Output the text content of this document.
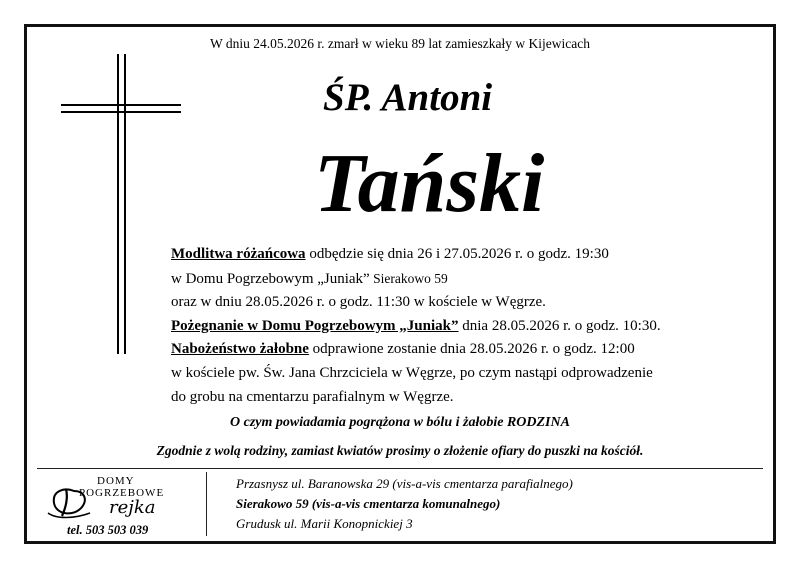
W dniu 24.05.2026 r. zmarł w wieku 89 lat zamieszkały w Kijewicach
ŚP. Antoni
Tański
Modlitwa różańcowa odbędzie się dnia 26 i 27.05.2026 r. o godz. 19:30
w Domu Pogrzebowym „Juniak” Sierakowo 59
oraz w dniu 28.05.2026 r. o godz. 11:30 w kościele w Węgrze.
Pożegnanie w Domu Pogrzebowym „Juniak” dnia 28.05.2026 r. o godz. 10:30.
Nabożeństwo żałobne odprawione zostanie dnia 28.05.2026 r. o godz. 12:00
w kościele pw. Św. Jana Chrzciciela w Węgrze, po czym nastąpi odprowadzenie
do grobu na cmentarzu parafialnym w Węgrze.
O czym powiadamia pogrążona w bólu i żałobie RODZINA
Zgodnie z wolą rodziny, zamiast kwiatów prosimy o złożenie ofiary do puszki na kościół.
DOMY
POGRZEBOWE
rejka
tel. 503 503 039
Przasnysz ul. Baranowska 29 (vis-a-vis cmentarza parafialnego)
Sierakowo 59 (vis-a-vis cmentarza komunalnego)
Grudusk ul. Marii Konopnickiej 3
